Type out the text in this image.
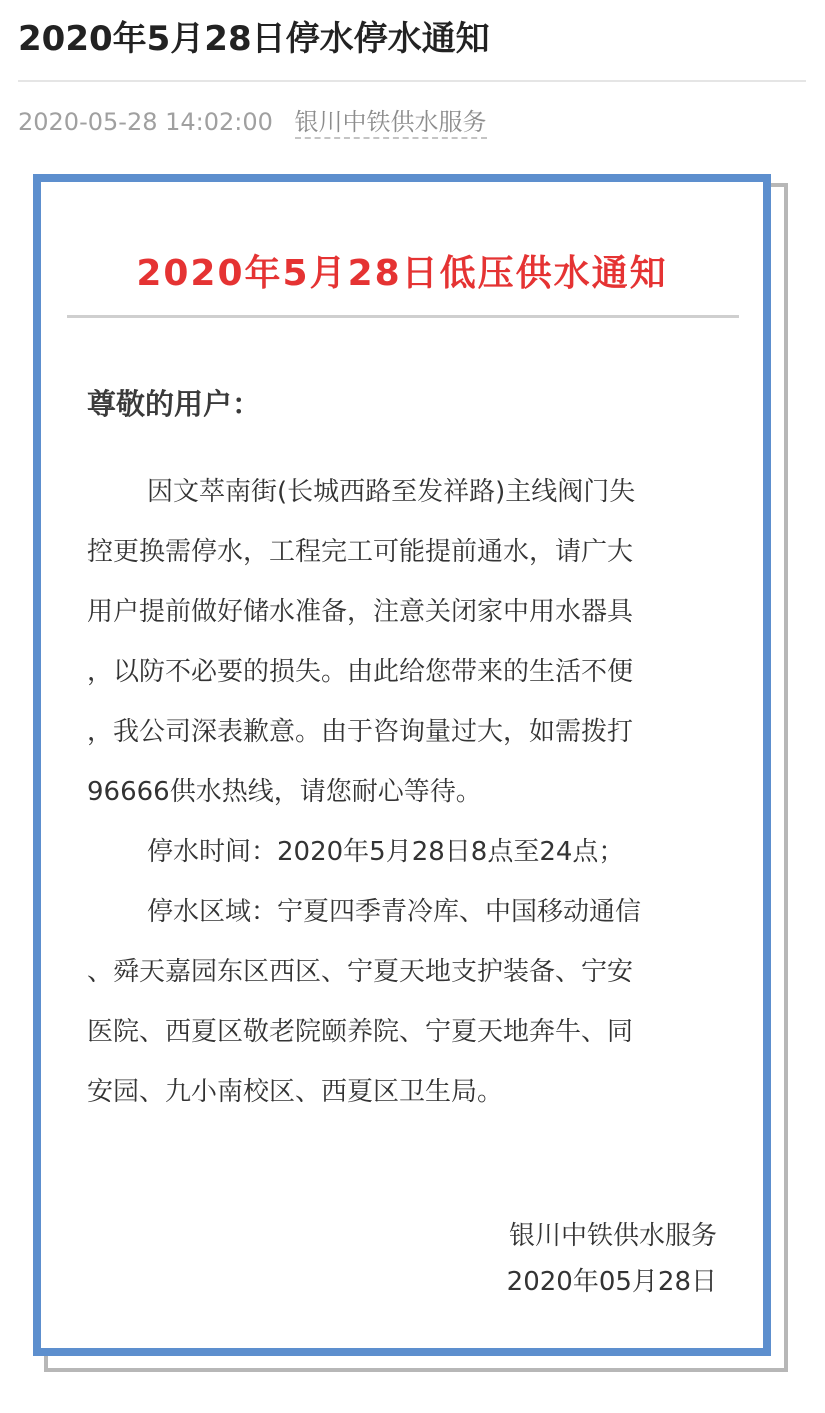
2020年5月28日停水停水通知
2020-05-28 14:02:00 银川中铁供水服务
2020年5月28日低压供水通知
尊敬的用户：
因文萃南街(长城西路至发祥路)主线阀门失
控更换需停水，工程完工可能提前通水，请广大
用户提前做好储水准备，注意关闭家中用水器具
，以防不必要的损失。由此给您带来的生活不便
，我公司深表歉意。由于咨询量过大，如需拨打
96666供水热线，请您耐心等待。
停水时间：2020年5月28日8点至24点；
停水区域：宁夏四季青冷库、中国移动通信
、舜天嘉园东区西区、宁夏天地支护装备、宁安
医院、西夏区敬老院颐养院、宁夏天地奔牛、同
安园、九小南校区、西夏区卫生局。
银川中铁供水服务
2020年05月28日
